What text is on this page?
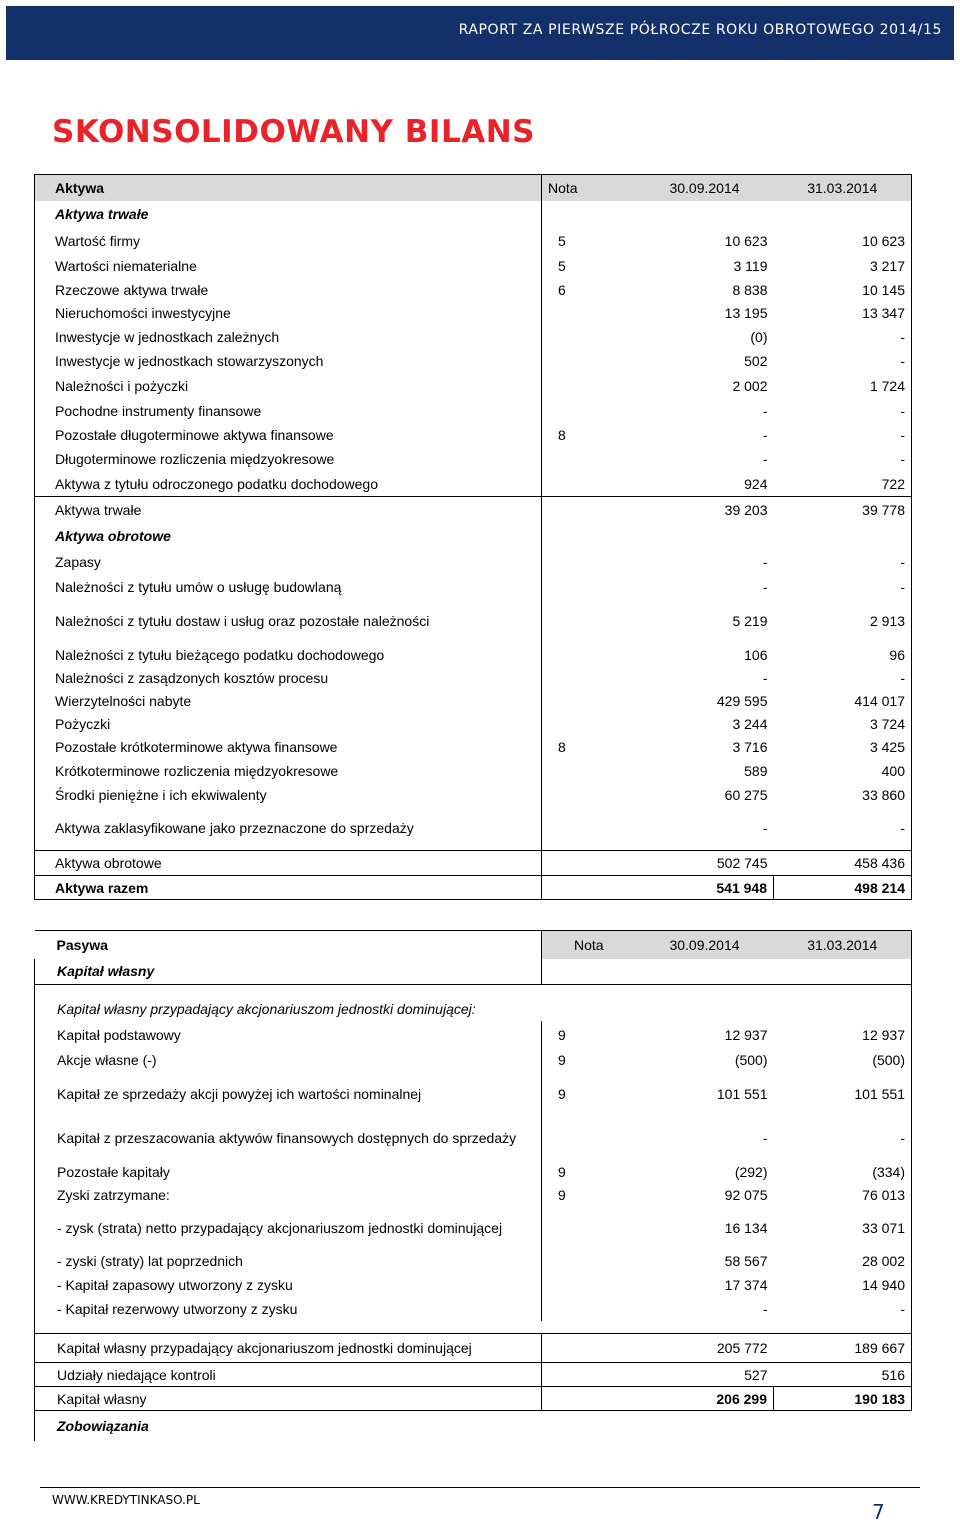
RAPORT ZA PIERWSZE PÓŁROCZE ROKU OBROTOWEGO 2014/15
SKONSOLIDOWANY BILANS
Aktywa	Nota	30.09.2014	31.03.2014
Aktywa trwałe			
Wartość firmy	5	10 623	10 623
Wartości niematerialne	5	3 119	3 217
Rzeczowe aktywa trwałe	6	8 838	10 145
Nieruchomości inwestycyjne		13 195	13 347
Inwestycje w jednostkach zależnych		(0)	-
Inwestycje w jednostkach stowarzyszonych		502	-
Należności i pożyczki		2 002	1 724
Pochodne instrumenty finansowe		-	-
Pozostałe długoterminowe aktywa finansowe	8	-	-
Długoterminowe rozliczenia międzyokresowe		-	-
Aktywa z tytułu odroczonego podatku dochodowego		924	722
Aktywa trwałe		39 203	39 778
Aktywa obrotowe			
Zapasy		-	-
Należności z tytułu umów o usługę budowlaną		-	-
Należności z tytułu dostaw i usług oraz pozostałe należności		5 219	2 913
Należności z tytułu bieżącego podatku dochodowego		106	96
Należności z zasądzonych kosztów procesu		-	-
Wierzytelności nabyte		429 595	414 017
Pożyczki		3 244	3 724
Pozostałe krótkoterminowe aktywa finansowe	8	3 716	3 425
Krótkoterminowe rozliczenia międzyokresowe		589	400
Środki pieniężne i ich ekwiwalenty		60 275	33 860
Aktywa zaklasyfikowane jako przeznaczone do sprzedaży		-	-
Aktywa obrotowe		502 745	458 436
Aktywa razem		541 948	498 214
Pasywa	Nota	30.09.2014	31.03.2014
Kapitał własny			

Kapitał własny przypadający akcjonariuszom jednostki dominującej:			
Kapitał podstawowy	9	12 937	12 937
Akcje własne (-)	9	(500)	(500)
Kapitał ze sprzedaży akcji powyżej ich wartości nominalnej	9	101 551	101 551
Kapitał z przeszacowania aktywów finansowych dostępnych do sprzedaży		-	-
Pozostałe kapitały	9	(292)	(334)
Zyski zatrzymane:	9	92 075	76 013
- zysk (strata) netto przypadający akcjonariuszom jednostki dominującej		16 134	33 071
- zyski (straty) lat poprzednich		58 567	28 002
- Kapitał zapasowy utworzony z zysku		17 374	14 940
- Kapitał rezerwowy utworzony z zysku		-	-

Kapitał własny przypadający akcjonariuszom jednostki dominującej		205 772	189 667
Udziały niedające kontroli		527	516
Kapitał własny		206 299	190 183
Zobowiązania			
WWW.KREDYTINKASO.PL	7
